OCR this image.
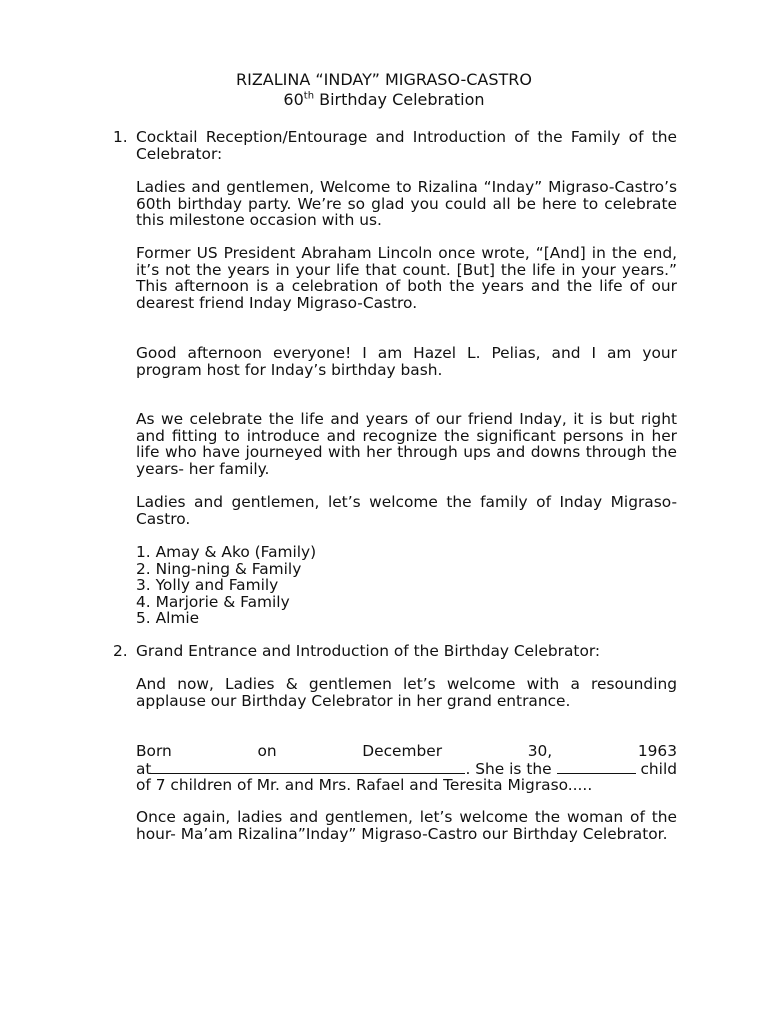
RIZALINA “INDAY” MIGRASO-CASTRO
60th Birthday Celebration
1. Cocktail Reception/Entourage and Introduction of the Family of the Celebrator:
Ladies and gentlemen, Welcome to Rizalina “Inday” Migraso-Castro’s 60th birthday party. We’re so glad you could all be here to celebrate this milestone occasion with us.
Former US President Abraham Lincoln once wrote, “[And] in the end, it’s not the years in your life that count. [But] the life in your years.” This afternoon is a celebration of both the years and the life of our dearest friend Inday Migraso-Castro.
Good afternoon everyone! I am Hazel L. Pelias, and I am your program host for Inday’s birthday bash.
As we celebrate the life and years of our friend Inday, it is but right and fitting to introduce and recognize the significant persons in her life who have journeyed with her through ups and downs through the years- her family.
Ladies and gentlemen, let’s welcome the family of Inday Migraso- Castro.
1. Amay & Ako (Family)
2. Ning-ning & Family
3. Yolly and Family
4. Marjorie & Family
5. Almie
2. Grand Entrance and Introduction of the Birthday Celebrator:
And now, Ladies & gentlemen let’s welcome with a resounding applause our Birthday Celebrator in her grand entrance.
Born	on	December	30,	1963
at	. She is the	child
of 7 children of Mr. and Mrs. Rafael and Teresita Migraso.....
Once again, ladies and gentlemen, let’s welcome the woman of the hour- Ma’am Rizalina”Inday” Migraso-Castro our Birthday Celebrator.
